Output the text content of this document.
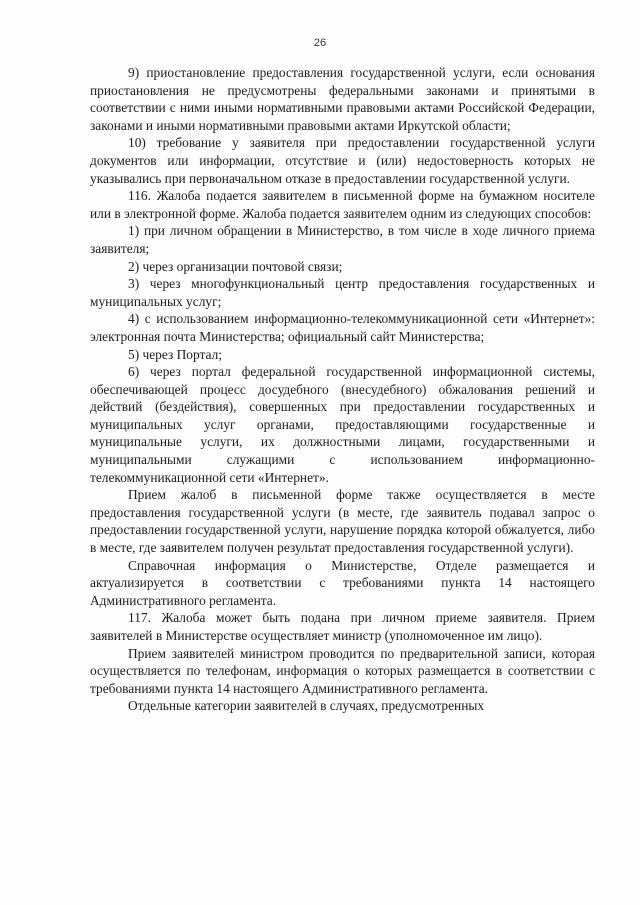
26

9) приостановление предоставления государственной услуги, если основания приостановления не предусмотрены федеральными законами и принятыми в соответствии с ними иными нормативными правовыми актами Российской Федерации, законами и иными нормативными правовыми актами Иркутской области;

10) требование у заявителя при предоставлении государственной услуги документов или информации, отсутствие и (или) недостоверность которых не указывались при первоначальном отказе в предоставлении государственной услуги.

116. Жалоба подается заявителем в письменной форме на бумажном носителе или в электронной форме. Жалоба подается заявителем одним из следующих способов:

1) при личном обращении в Министерство, в том числе в ходе личного приема заявителя;

2) через организации почтовой связи;

3) через многофункциональный центр предоставления государственных и муниципальных услуг;

4) с использованием информационно-телекоммуникационной сети «Интернет»: электронная почта Министерства; официальный сайт Министерства;

5) через Портал;

6) через портал федеральной государственной информационной системы, обеспечивающей процесс досудебного (внесудебного) обжалования решений и действий (бездействия), совершенных при предоставлении государственных и муниципальных услуг органами, предоставляющими государственные и муниципальные услуги, их должностными лицами, государственными и муниципальными служащими с использованием информационно-телекоммуникационной сети «Интернет».

Прием жалоб в письменной форме также осуществляется в месте предоставления государственной услуги (в месте, где заявитель подавал запрос о предоставлении государственной услуги, нарушение порядка которой обжалуется, либо в месте, где заявителем получен результат предоставления государственной услуги).

Справочная информация о Министерстве, Отделе размещается и актуализируется в соответствии с требованиями пункта 14 настоящего Административного регламента.

117. Жалоба может быть подана при личном приеме заявителя. Прием заявителей в Министерстве осуществляет министр (уполномоченное им лицо).

Прием заявителей министром проводится по предварительной записи, которая осуществляется по телефонам, информация о которых размещается в соответствии с требованиями пункта 14 настоящего Административного регламента.

Отдельные категории заявителей в случаях, предусмотренных
